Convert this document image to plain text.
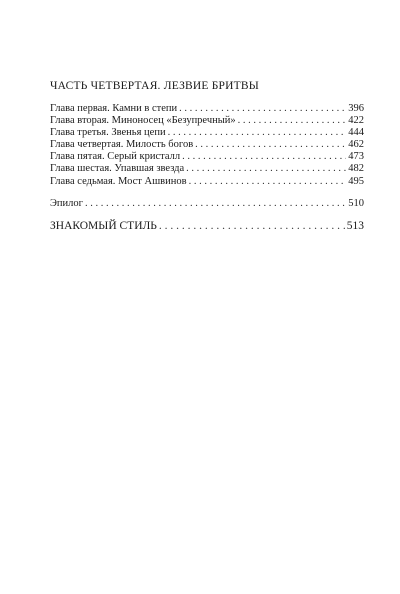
ЧАСТЬ ЧЕТВЕРТАЯ. ЛЕЗВИЕ БРИТВЫ
Глава первая. Камни в степи . . .	396
Глава вторая. Миноносец «Безупречный» . . .	422
Глава третья. Звенья цепи . . .	444
Глава четвертая. Милость богов . . .	462
Глава пятая. Серый кристалл . . .	473
Глава шестая. Упавшая звезда . . .	482
Глава седьмая. Мост Ашвинов . . .	495
Эпилог . . .	510
ЗНАКОМЫЙ СТИЛЬ . . .	513
